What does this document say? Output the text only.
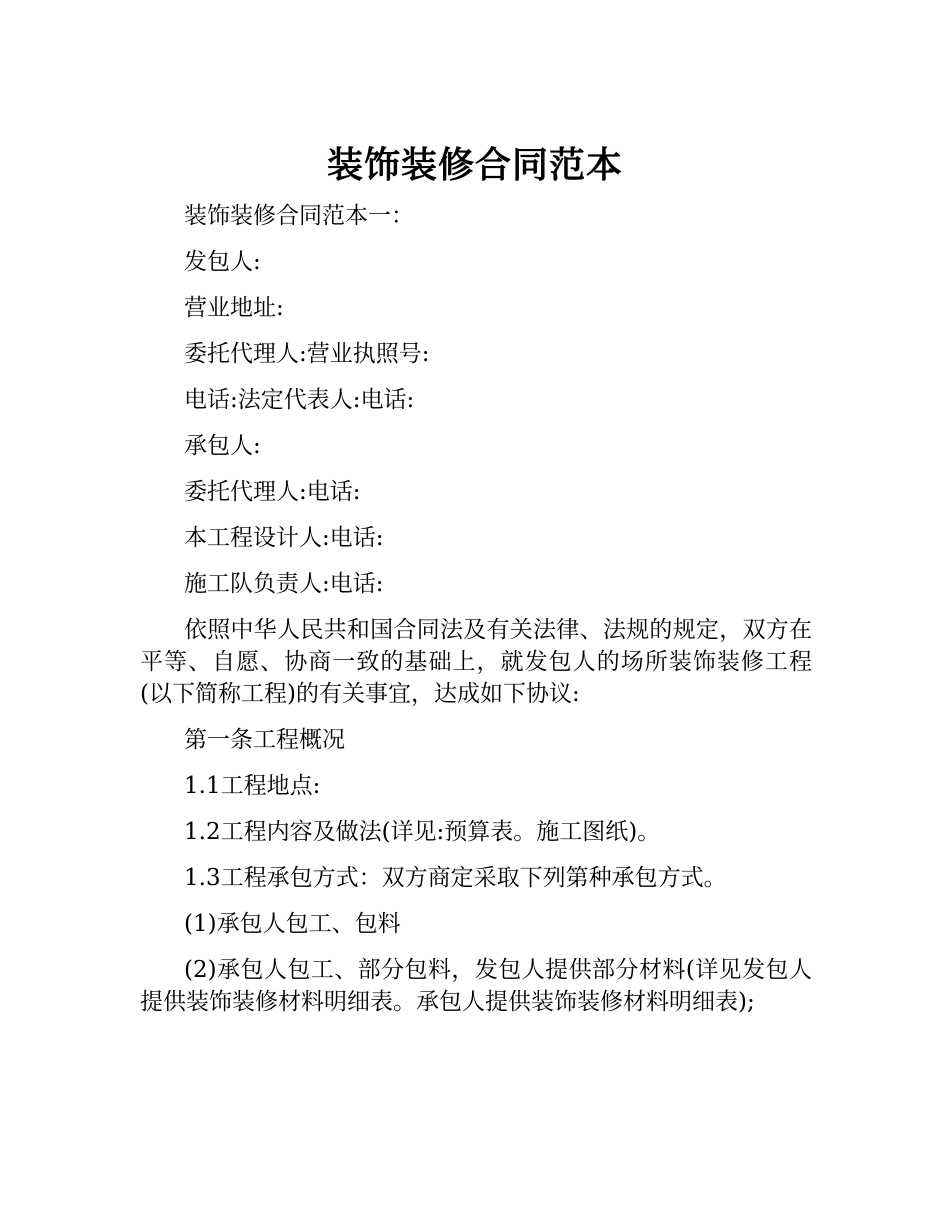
装饰装修合同范本

装饰装修合同范本一：

发包人:

营业地址:

委托代理人:营业执照号:

电话:法定代表人:电话:

承包人:

委托代理人:电话:

本工程设计人:电话:

施工队负责人:电话:

依照中华人民共和国合同法及有关法律、法规的规定，双方在平等、自愿、协商一致的基础上，就发包人的场所装饰装修工程(以下简称工程)的有关事宜，达成如下协议:

第一条工程概况

1.1工程地点:

1.2工程内容及做法(详见:预算表。施工图纸)。

1.3工程承包方式：双方商定采取下列第种承包方式。

(1)承包人包工、包料

(2)承包人包工、部分包料，发包人提供部分材料(详见发包人提供装饰装修材料明细表。承包人提供装饰装修材料明细表);
